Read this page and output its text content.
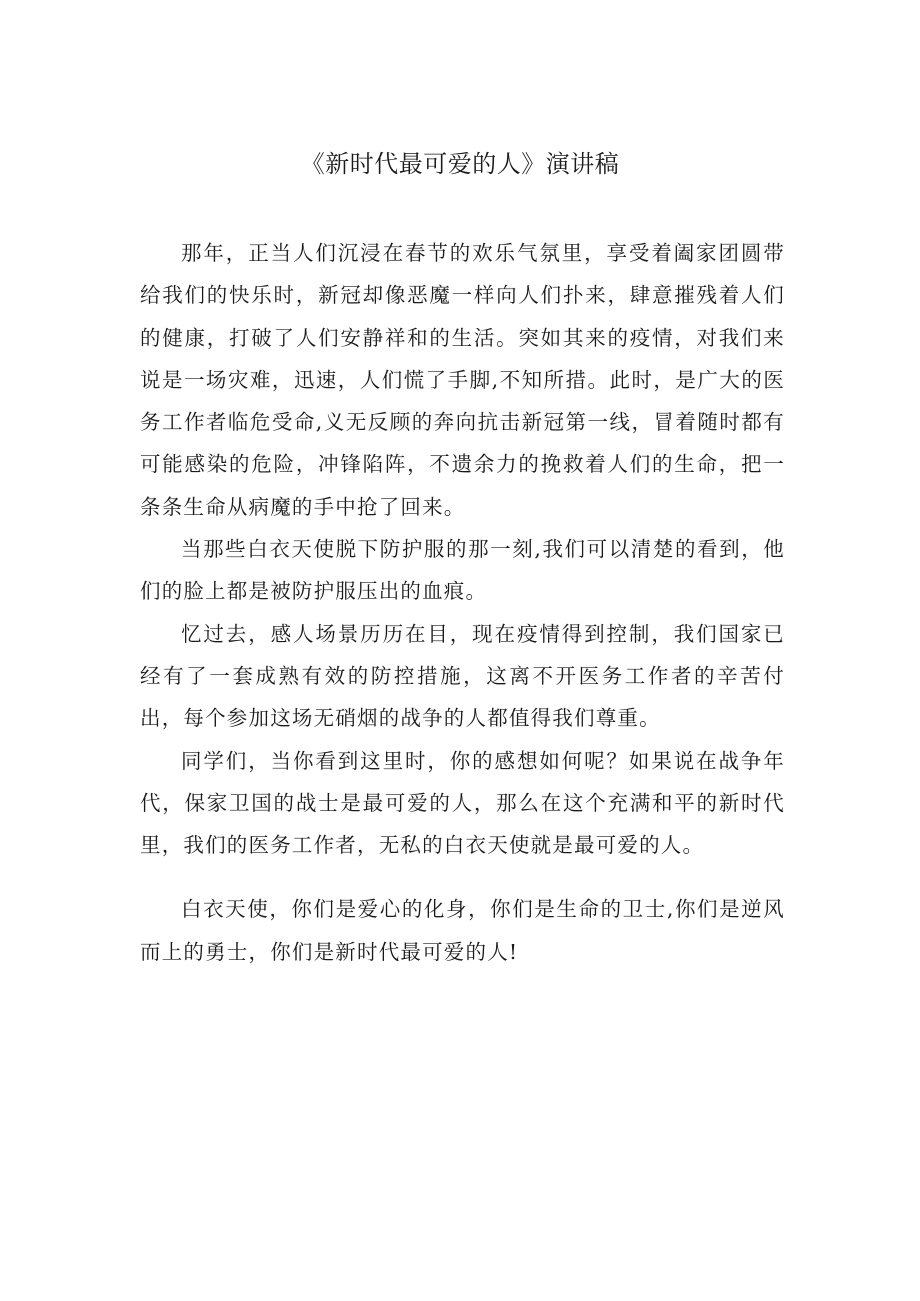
《新时代最可爱的人》演讲稿

那年，正当人们沉浸在春节的欢乐气氛里，享受着阖家团圆带给我们的快乐时，新冠却像恶魔一样向人们扑来，肆意摧残着人们的健康，打破了人们安静祥和的生活。突如其来的疫情，对我们来说是一场灾难，迅速，人们慌了手脚,不知所措。此时，是广大的医务工作者临危受命,义无反顾的奔向抗击新冠第一线，冒着随时都有可能感染的危险，冲锋陷阵，不遗余力的挽救着人们的生命，把一条条生命从病魔的手中抢了回来。

当那些白衣天使脱下防护服的那一刻,我们可以清楚的看到，他们的脸上都是被防护服压出的血痕。

忆过去，感人场景历历在目，现在疫情得到控制，我们国家已经有了一套成熟有效的防控措施，这离不开医务工作者的辛苦付出，每个参加这场无硝烟的战争的人都值得我们尊重。

同学们，当你看到这里时，你的感想如何呢？如果说在战争年代，保家卫国的战士是最可爱的人，那么在这个充满和平的新时代里，我们的医务工作者，无私的白衣天使就是最可爱的人。

白衣天使，你们是爱心的化身，你们是生命的卫士,你们是逆风而上的勇士，你们是新时代最可爱的人!
